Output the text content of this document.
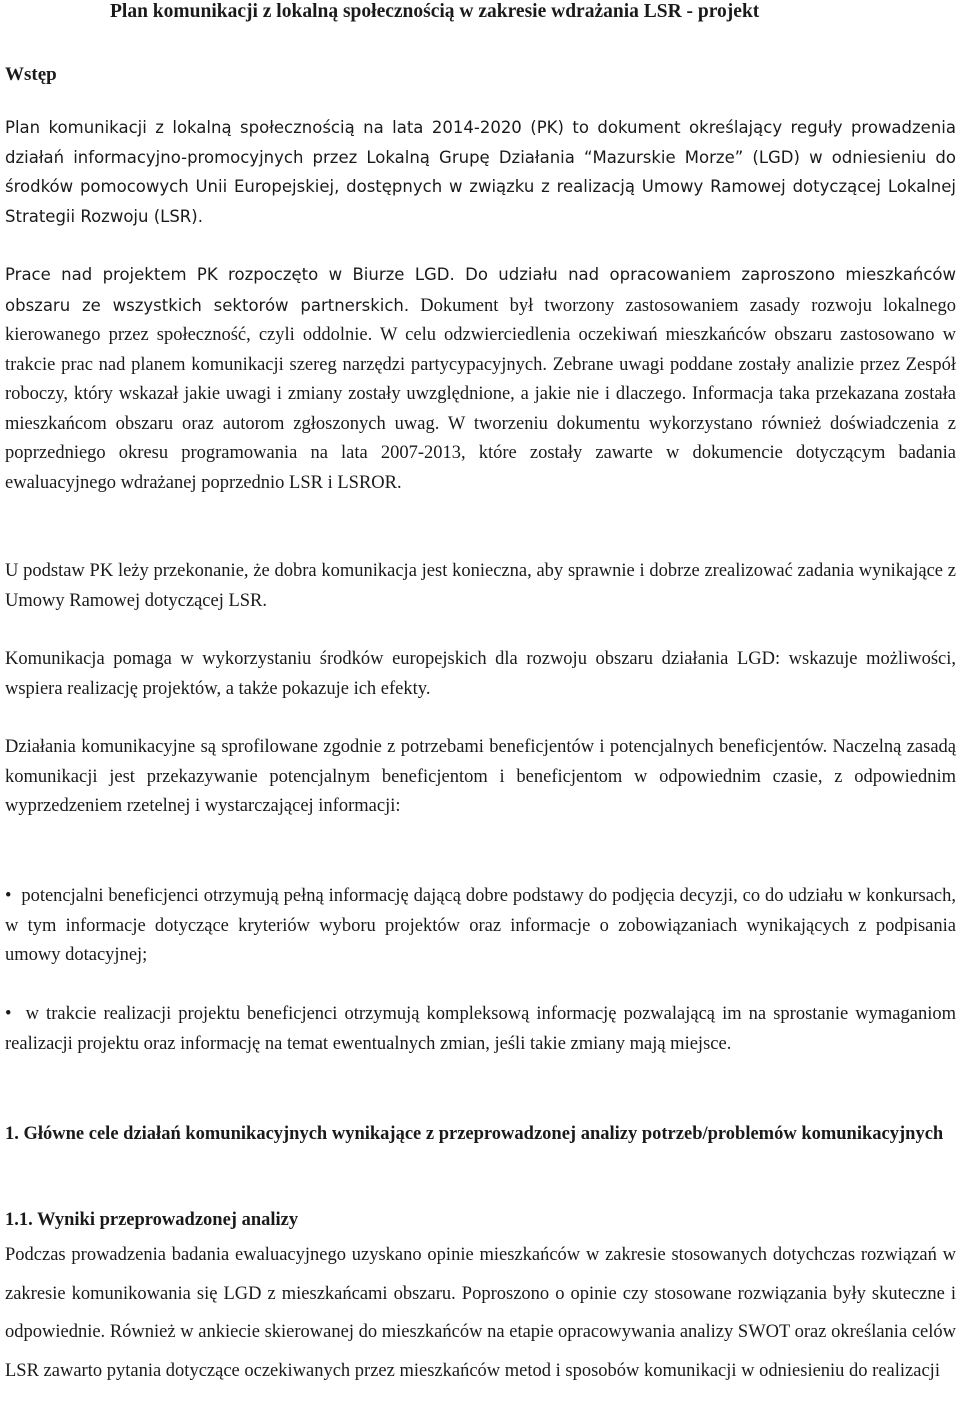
Plan komunikacji z lokalną społecznością w zakresie wdrażania LSR - projekt
Wstęp

Plan komunikacji z lokalną społecznością na lata 2014-2020 (PK) to dokument określający reguły prowadzenia działań informacyjno-promocyjnych przez Lokalną Grupę Działania “Mazurskie Morze” (LGD) w odniesieniu do środków pomocowych Unii Europejskiej, dostępnych w związku z realizacją Umowy Ramowej dotyczącej Lokalnej Strategii Rozwoju (LSR).

Prace nad projektem PK rozpoczęto w Biurze LGD. Do udziału nad opracowaniem zaproszono mieszkańców obszaru ze wszystkich sektorów partnerskich. Dokument był tworzony zastosowaniem zasady rozwoju lokalnego kierowanego przez społeczność, czyli oddolnie. W celu odzwierciedlenia oczekiwań mieszkańców obszaru zastosowano w trakcie prac nad planem komunikacji szereg narzędzi partycypacyjnych. Zebrane uwagi poddane zostały analizie przez Zespół roboczy, który wskazał jakie uwagi i zmiany zostały uwzględnione, a jakie nie i dlaczego. Informacja taka przekazana została mieszkańcom obszaru oraz autorom zgłoszonych uwag. W tworzeniu dokumentu wykorzystano również doświadczenia z poprzedniego okresu programowania na lata 2007-2013, które zostały zawarte w dokumencie dotyczącym badania ewaluacyjnego wdrażanej poprzednio LSR i LSROR.

U podstaw PK leży przekonanie, że dobra komunikacja jest konieczna, aby sprawnie i dobrze zrealizować zadania wynikające z Umowy Ramowej dotyczącej LSR.

Komunikacja pomaga w wykorzystaniu środków europejskich dla rozwoju obszaru działania LGD: wskazuje możliwości, wspiera realizację projektów, a także pokazuje ich efekty.

Działania komunikacyjne są sprofilowane zgodnie z potrzebami beneficjentów i potencjalnych beneficjentów. Naczelną zasadą komunikacji jest przekazywanie potencjalnym beneficjentom i beneficjentom w odpowiednim czasie, z odpowiednim wyprzedzeniem rzetelnej i wystarczającej informacji:

•  potencjalni beneficjenci otrzymują pełną informację dającą dobre podstawy do podjęcia decyzji, co do udziału w konkursach, w tym informacje dotyczące kryteriów wyboru projektów oraz informacje o zobowiązaniach wynikających z podpisania umowy dotacyjnej;

•  w trakcie realizacji projektu beneficjenci otrzymują kompleksową informację pozwalającą im na sprostanie wymaganiom realizacji projektu oraz informację na temat ewentualnych zmian, jeśli takie zmiany mają miejsce.

1. Główne cele działań komunikacyjnych wynikające z przeprowadzonej analizy potrzeb/problemów komunikacyjnych

1.1. Wyniki przeprowadzonej analizy

Podczas prowadzenia badania ewaluacyjnego uzyskano opinie mieszkańców w zakresie stosowanych dotychczas rozwiązań w zakresie komunikowania się LGD z mieszkańcami obszaru. Poproszono o opinie czy stosowane rozwiązania były skuteczne i odpowiednie. Również w ankiecie skierowanej do mieszkańców na etapie opracowywania analizy SWOT oraz określania celów LSR zawarto pytania dotyczące oczekiwanych przez mieszkańców metod i sposobów komunikacji w odniesieniu do realizacji
